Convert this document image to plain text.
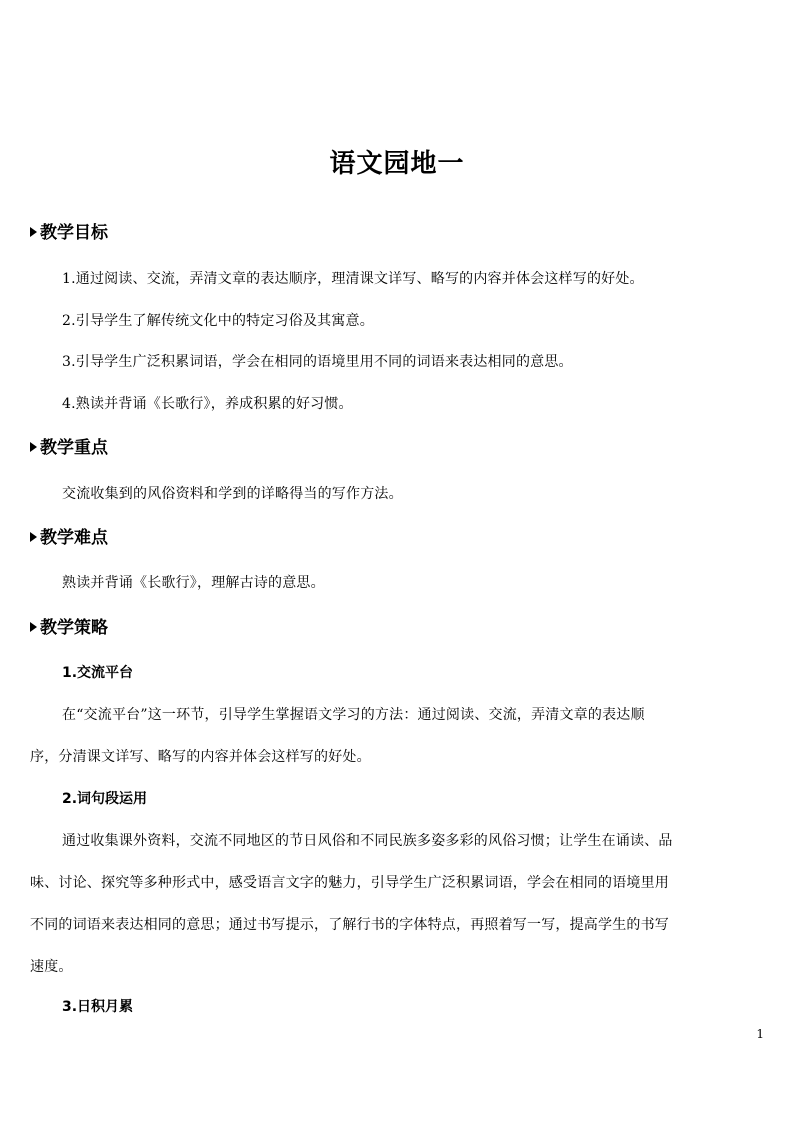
语文园地一
教学目标
1.通过阅读、交流，弄清文章的表达顺序，理清课文详写、略写的内容并体会这样写的好处。
2.引导学生了解传统文化中的特定习俗及其寓意。
3.引导学生广泛积累词语，学会在相同的语境里用不同的词语来表达相同的意思。
4.熟读并背诵《长歌行》，养成积累的好习惯。
教学重点
交流收集到的风俗资料和学到的详略得当的写作方法。
教学难点
熟读并背诵《长歌行》，理解古诗的意思。
教学策略
1.交流平台
在“交流平台”这一环节，引导学生掌握语文学习的方法：通过阅读、交流，弄清文章的表达顺
序，分清课文详写、略写的内容并体会这样写的好处。
2.词句段运用
通过收集课外资料，交流不同地区的节日风俗和不同民族多姿多彩的风俗习惯；让学生在诵读、品
味、讨论、探究等多种形式中，感受语言文字的魅力，引导学生广泛积累词语，学会在相同的语境里用
不同的词语来表达相同的意思；通过书写提示，了解行书的字体特点，再照着写一写，提高学生的书写
速度。
3.日积月累
1
